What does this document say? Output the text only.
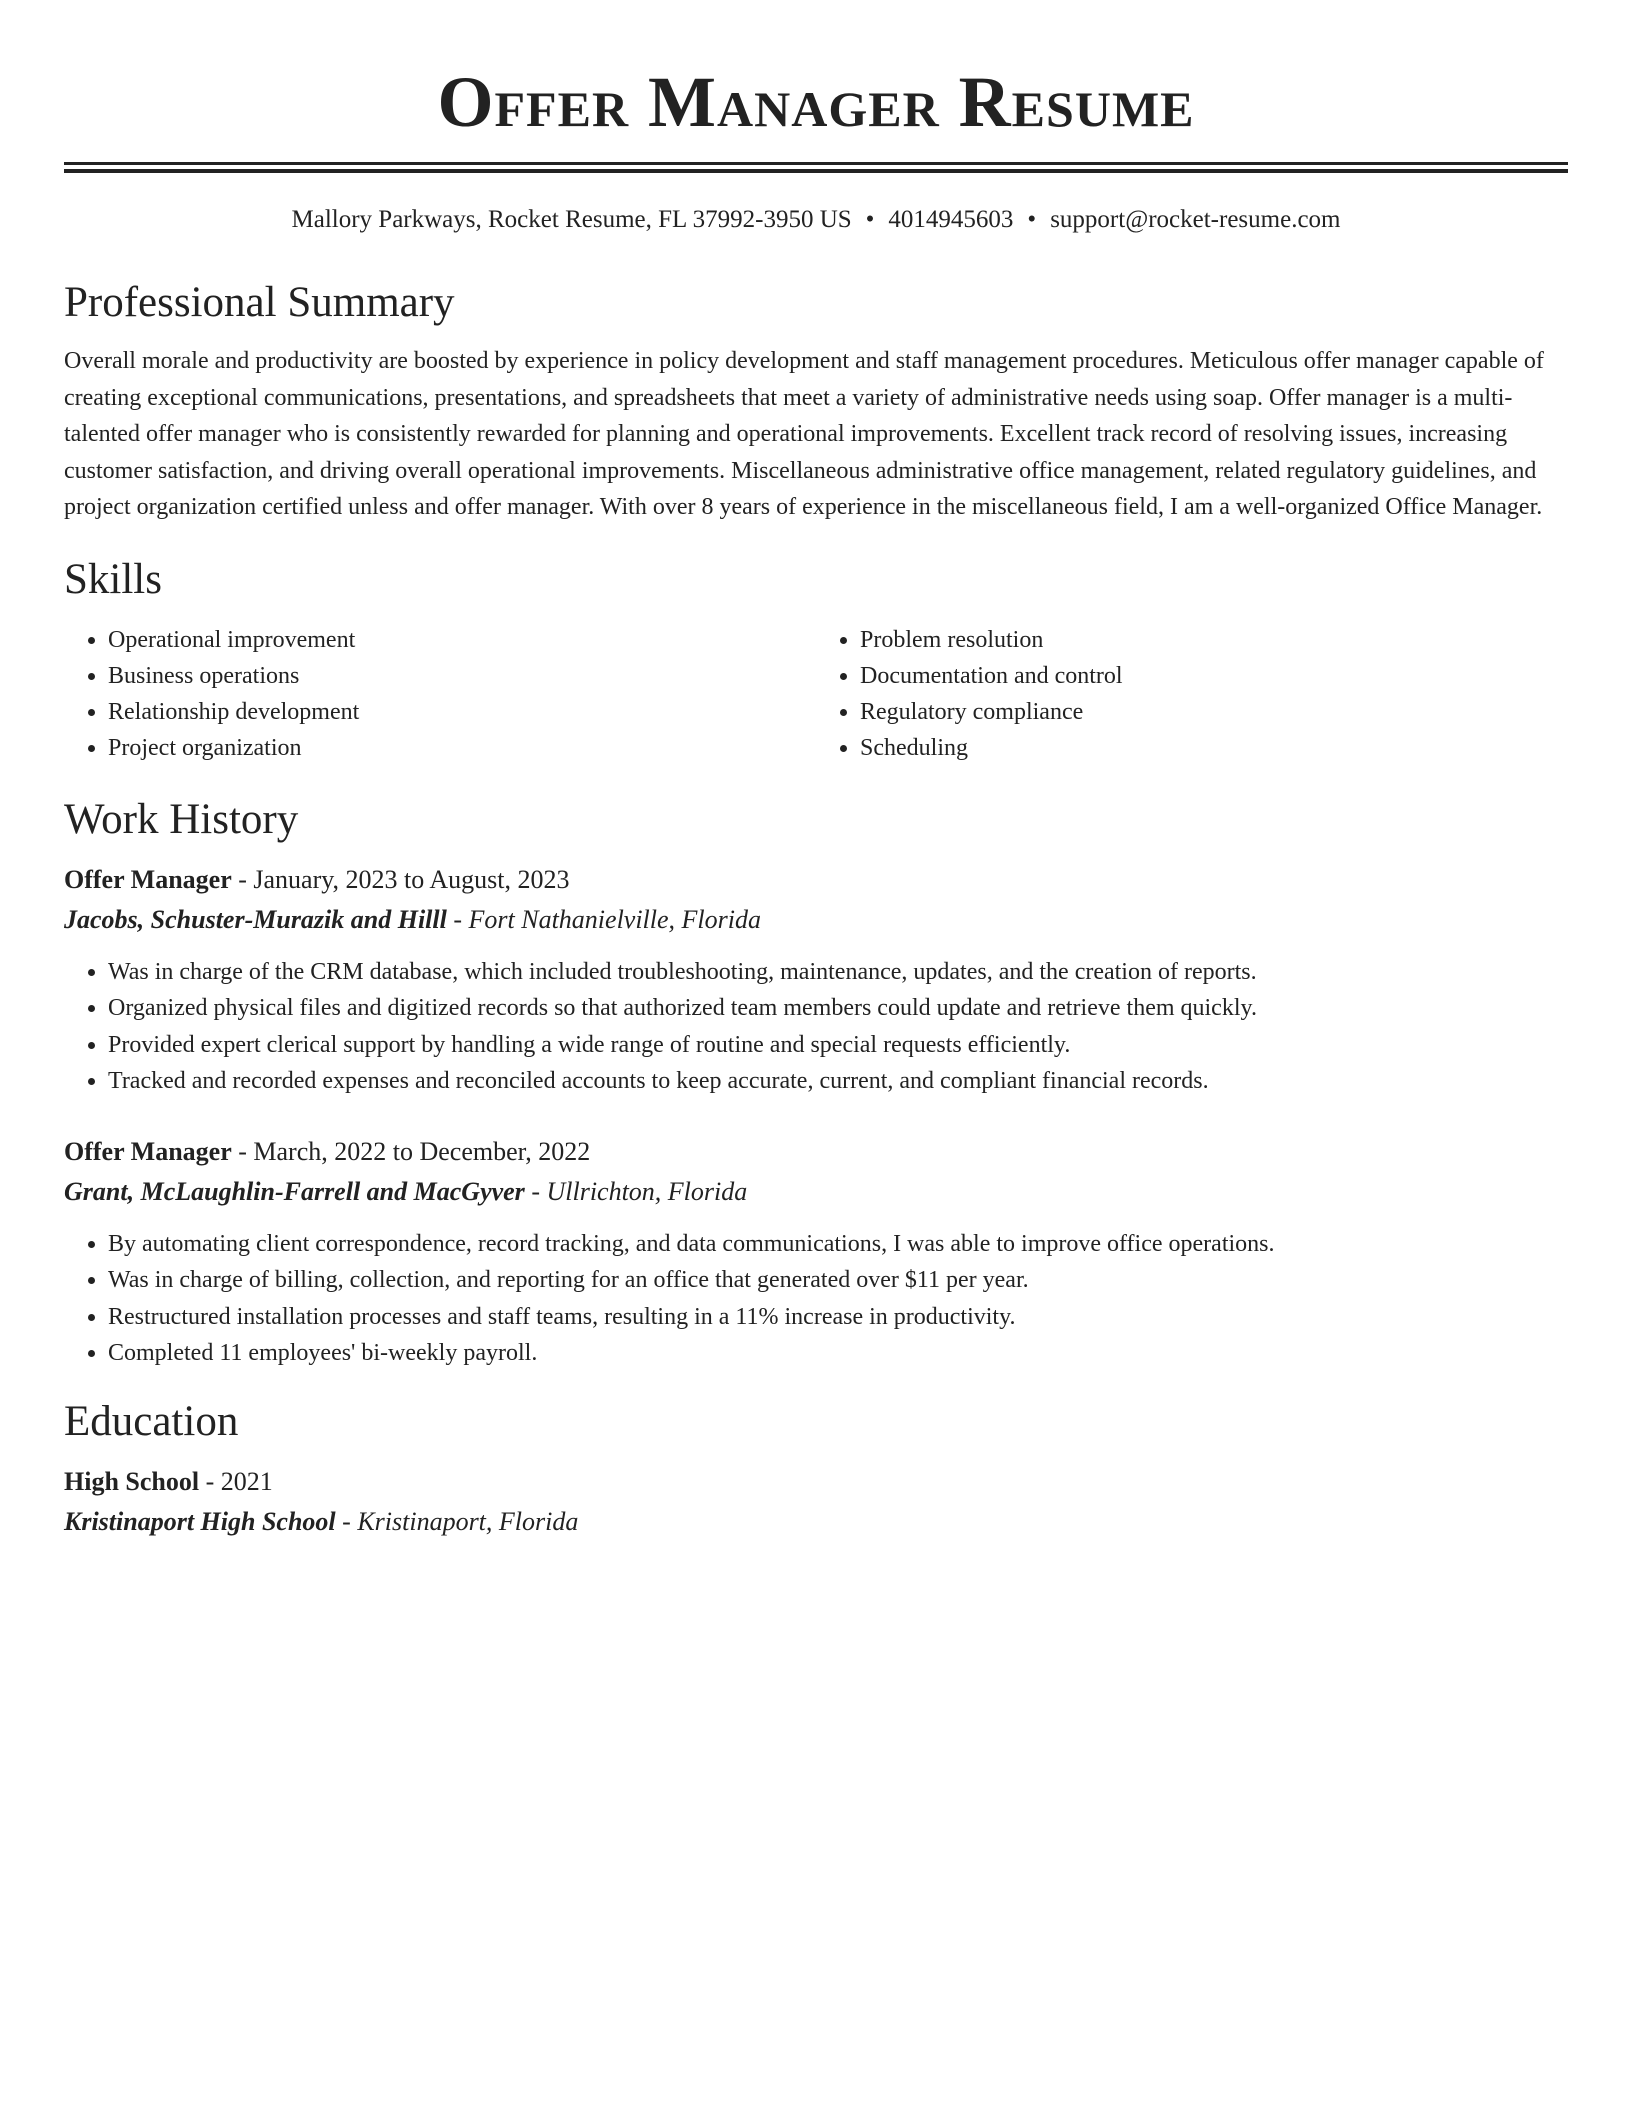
Offer Manager Resume
Mallory Parkways, Rocket Resume, FL 37992-3950 US • 4014945603 • support@rocket-resume.com
Professional Summary

Overall morale and productivity are boosted by experience in policy development and staff management procedures. Meticulous offer manager capable of creating exceptional communications, presentations, and spreadsheets that meet a variety of administrative needs using soap. Offer manager is a multi-talented offer manager who is consistently rewarded for planning and operational improvements. Excellent track record of resolving issues, increasing customer satisfaction, and driving overall operational improvements. Miscellaneous administrative office management, related regulatory guidelines, and project organization certified unless and offer manager. With over 8 years of experience in the miscellaneous field, I am a well-organized Office Manager.

Skills
• Operational improvement
• Business operations
• Relationship development
• Project organization
• Problem resolution
• Documentation and control
• Regulatory compliance
• Scheduling
Work History
Offer Manager - January, 2023 to August, 2023
Jacobs, Schuster-Murazik and Hilll - Fort Nathanielville, Florida
• Was in charge of the CRM database, which included troubleshooting, maintenance, updates, and the creation of reports.
• Organized physical files and digitized records so that authorized team members could update and retrieve them quickly.
• Provided expert clerical support by handling a wide range of routine and special requests efficiently.
• Tracked and recorded expenses and reconciled accounts to keep accurate, current, and compliant financial records.
Offer Manager - March, 2022 to December, 2022
Grant, McLaughlin-Farrell and MacGyver - Ullrichton, Florida
• By automating client correspondence, record tracking, and data communications, I was able to improve office operations.
• Was in charge of billing, collection, and reporting for an office that generated over $11 per year.
• Restructured installation processes and staff teams, resulting in a 11% increase in productivity.
• Completed 11 employees' bi-weekly payroll.
Education
High School - 2021
Kristinaport High School - Kristinaport, Florida
